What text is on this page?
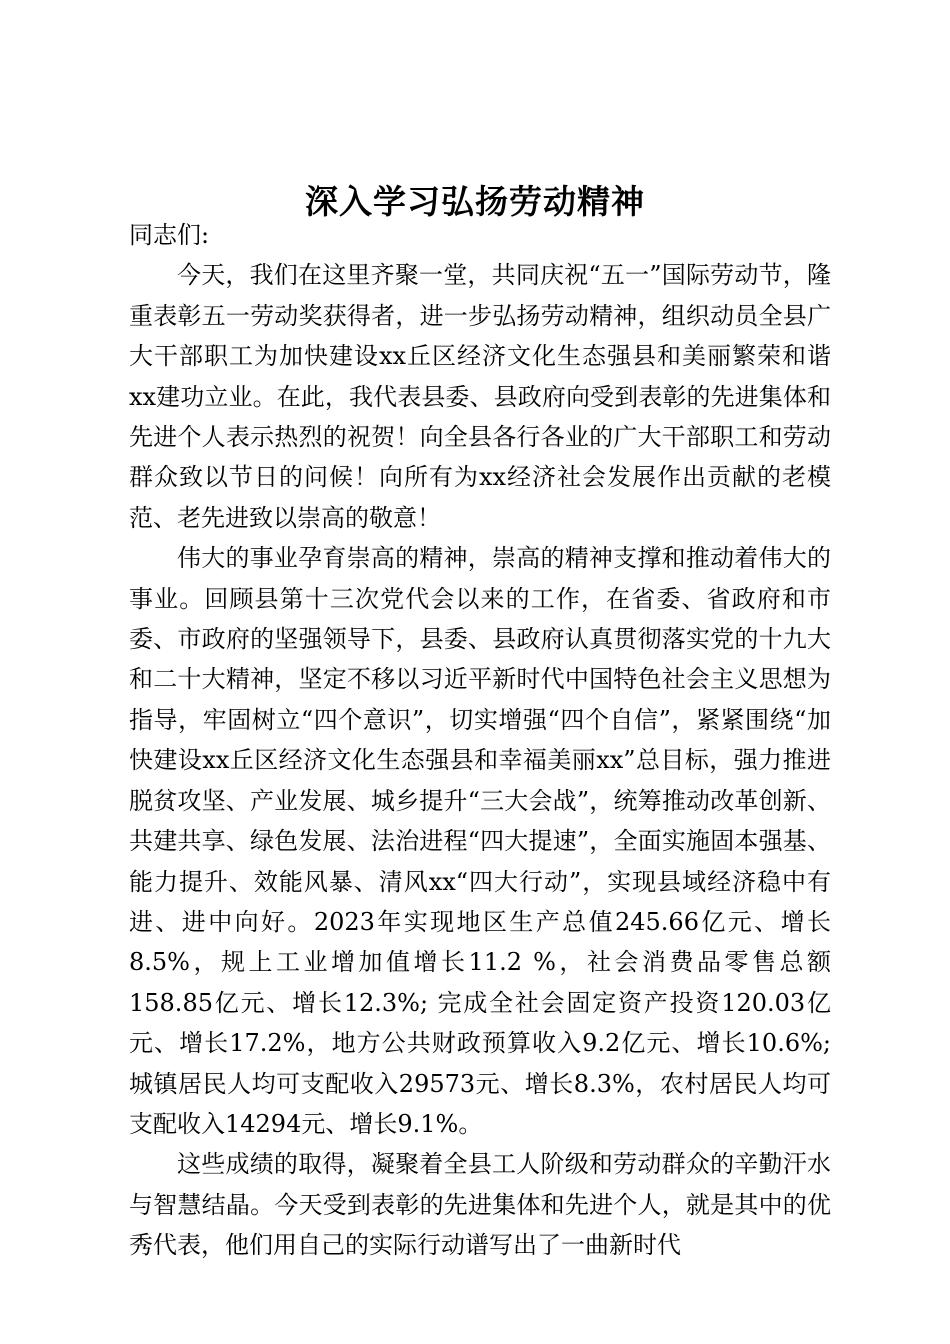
深入学习弘扬劳动精神

同志们:

今天，我们在这里齐聚一堂，共同庆祝“五一”国际劳动节，隆重表彰五一劳动奖获得者，进一步弘扬劳动精神，组织动员全县广大干部职工为加快建设xx丘区经济文化生态强县和美丽繁荣和谐xx建功立业。在此，我代表县委、县政府向受到表彰的先进集体和先进个人表示热烈的祝贺！向全县各行各业的广大干部职工和劳动群众致以节日的问候！向所有为xx经济社会发展作出贡献的老模范、老先进致以崇高的敬意！

伟大的事业孕育崇高的精神，崇高的精神支撑和推动着伟大的事业。回顾县第十三次党代会以来的工作，在省委、省政府和市委、市政府的坚强领导下，县委、县政府认真贯彻落实党的十九大和二十大精神，坚定不移以习近平新时代中国特色社会主义思想为指导，牢固树立“四个意识”，切实增强“四个自信”，紧紧围绕“加快建设xx丘区经济文化生态强县和幸福美丽xx”总目标，强力推进脱贫攻坚、产业发展、城乡提升“三大会战”，统筹推动改革创新、共建共享、绿色发展、法治进程“四大提速”，全面实施固本强基、能力提升、效能风暴、清风xx“四大行动”，实现县域经济稳中有进、进中向好。2023年实现地区生产总值245.66亿元、增长8.5%，规上工业增加值增长11.2 %，社会消费品零售总额158.85亿元、增长12.3%; 完成全社会固定资产投资120.03亿元、增长17.2%，地方公共财政预算收入9.2亿元、增长10.6%; 城镇居民人均可支配收入29573元、增长8.3%，农村居民人均可支配收入14294元、增长9.1%。

这些成绩的取得，凝聚着全县工人阶级和劳动群众的辛勤汗水与智慧结晶。今天受到表彰的先进集体和先进个人，就是其中的优秀代表，他们用自己的实际行动谱写出了一曲新时代
